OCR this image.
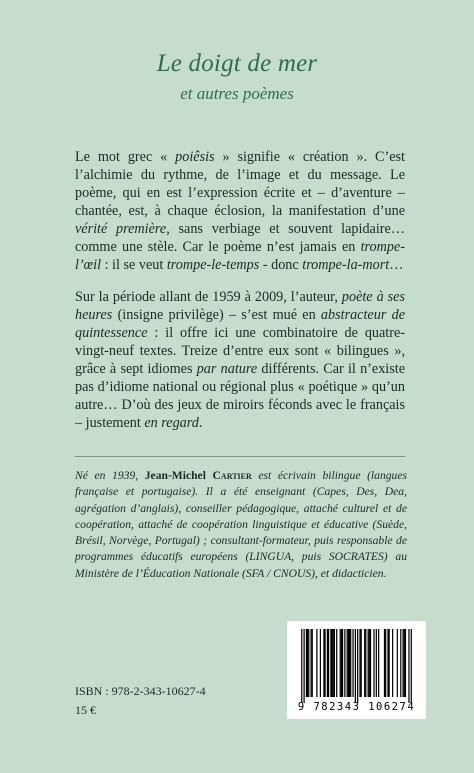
Le doigt de mer
et autres poèmes
Le mot grec « poiêsis » signifie « création ». C’est l’alchimie du rythme, de l’image et du message. Le poème, qui en est l’expression écrite et – d’aventure – chantée, est, à chaque éclosion, la manifestation d’une vérité première, sans verbiage et souvent lapidaire… comme une stèle. Car le poème n’est jamais en trompe-l’œil : il se veut trompe-le-temps - donc trompe-la-mort…
Sur la période allant de 1959 à 2009, l’auteur, poète à ses heures (insigne privilège) – s’est mué en abstracteur de quintessence : il offre ici une combinatoire de quatre-vingt-neuf textes. Treize d’entre eux sont « bilingues », grâce à sept idiomes par nature différents. Car il n’existe pas d’idiome national ou régional plus « poétique » qu’un autre… D’où des jeux de miroirs féconds avec le français – justement en regard.
Né en 1939, Jean-Michel Cartier est écrivain bilingue (langues française et portugaise). Il a été enseignant (Capes, Des, Dea, agrégation d’anglais), conseiller pédagogique, attaché culturel et de coopération, attaché de coopération linguistique et éducative (Suède, Brésil, Norvège, Portugal) ; consultant-formateur, puis responsable de programmes éducatifs européens (LINGUA, puis SOCRATES) au Ministère de l’Éducation Nationale (SFA / CNOUS), et didacticien.
ISBN : 978-2-343-10627-4
15 €	9 782343 106274
